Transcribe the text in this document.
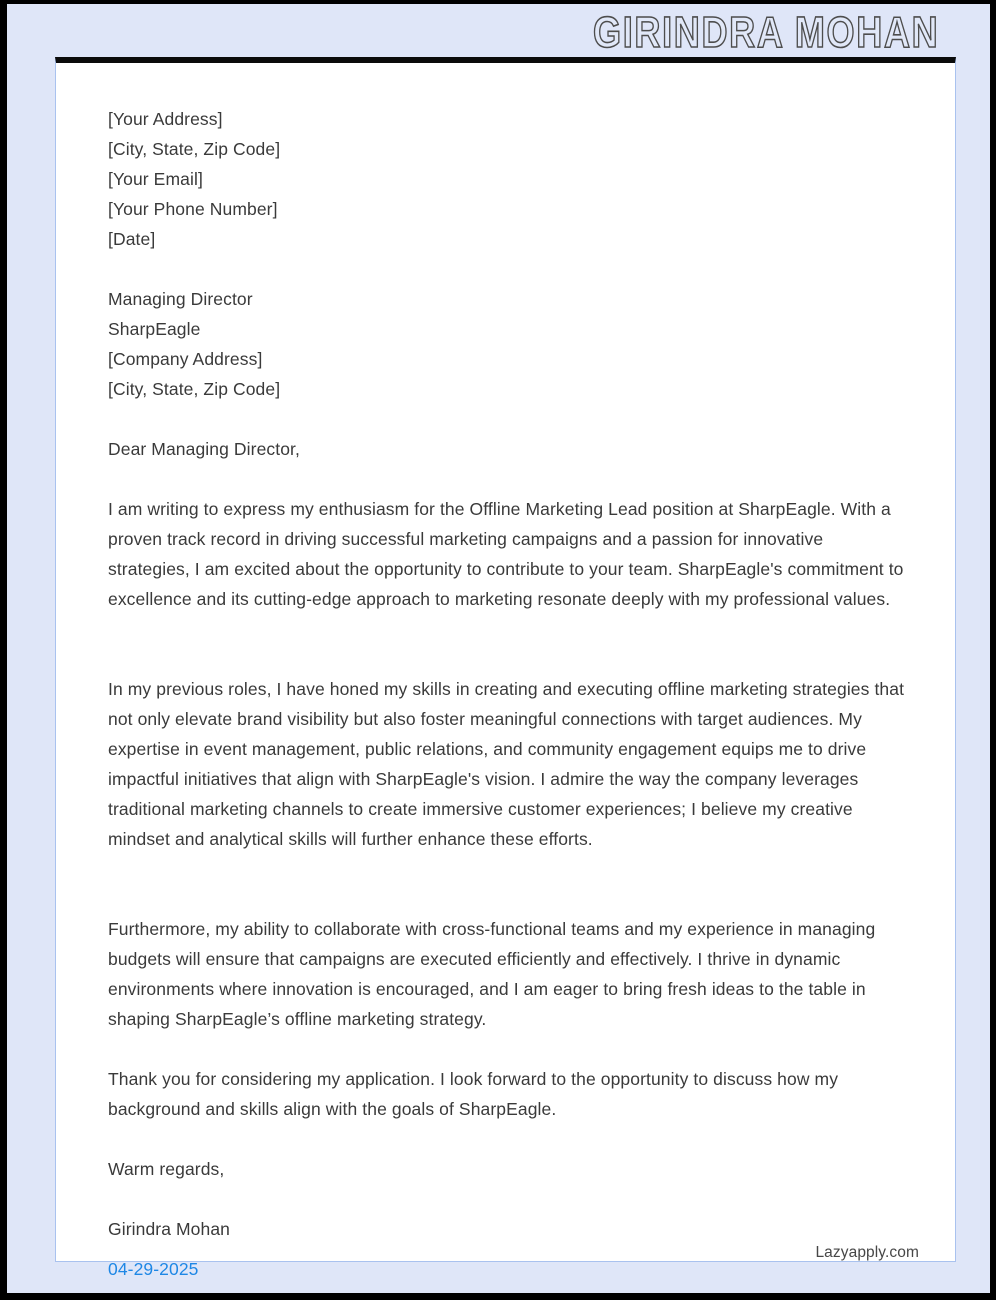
GIRINDRA MOHAN
[Your Address]
[City, State, Zip Code]
[Your Email]
[Your Phone Number]
[Date]
Managing Director
SharpEagle
[Company Address]
[City, State, Zip Code]
Dear Managing Director,
I am writing to express my enthusiasm for the Offline Marketing Lead position at SharpEagle. With a proven track record in driving successful marketing campaigns and a passion for innovative strategies, I am excited about the opportunity to contribute to your team. SharpEagle's commitment to excellence and its cutting-edge approach to marketing resonate deeply with my professional values.
In my previous roles, I have honed my skills in creating and executing offline marketing strategies that not only elevate brand visibility but also foster meaningful connections with target audiences. My expertise in event management, public relations, and community engagement equips me to drive impactful initiatives that align with SharpEagle's vision. I admire the way the company leverages traditional marketing channels to create immersive customer experiences; I believe my creative mindset and analytical skills will further enhance these efforts.
Furthermore, my ability to collaborate with cross-functional teams and my experience in managing budgets will ensure that campaigns are executed efficiently and effectively. I thrive in dynamic environments where innovation is encouraged, and I am eager to bring fresh ideas to the table in shaping SharpEagle’s offline marketing strategy.
Thank you for considering my application. I look forward to the opportunity to discuss how my background and skills align with the goals of SharpEagle.
Warm regards,
Girindra Mohan
04-29-2025
Lazyapply.com
